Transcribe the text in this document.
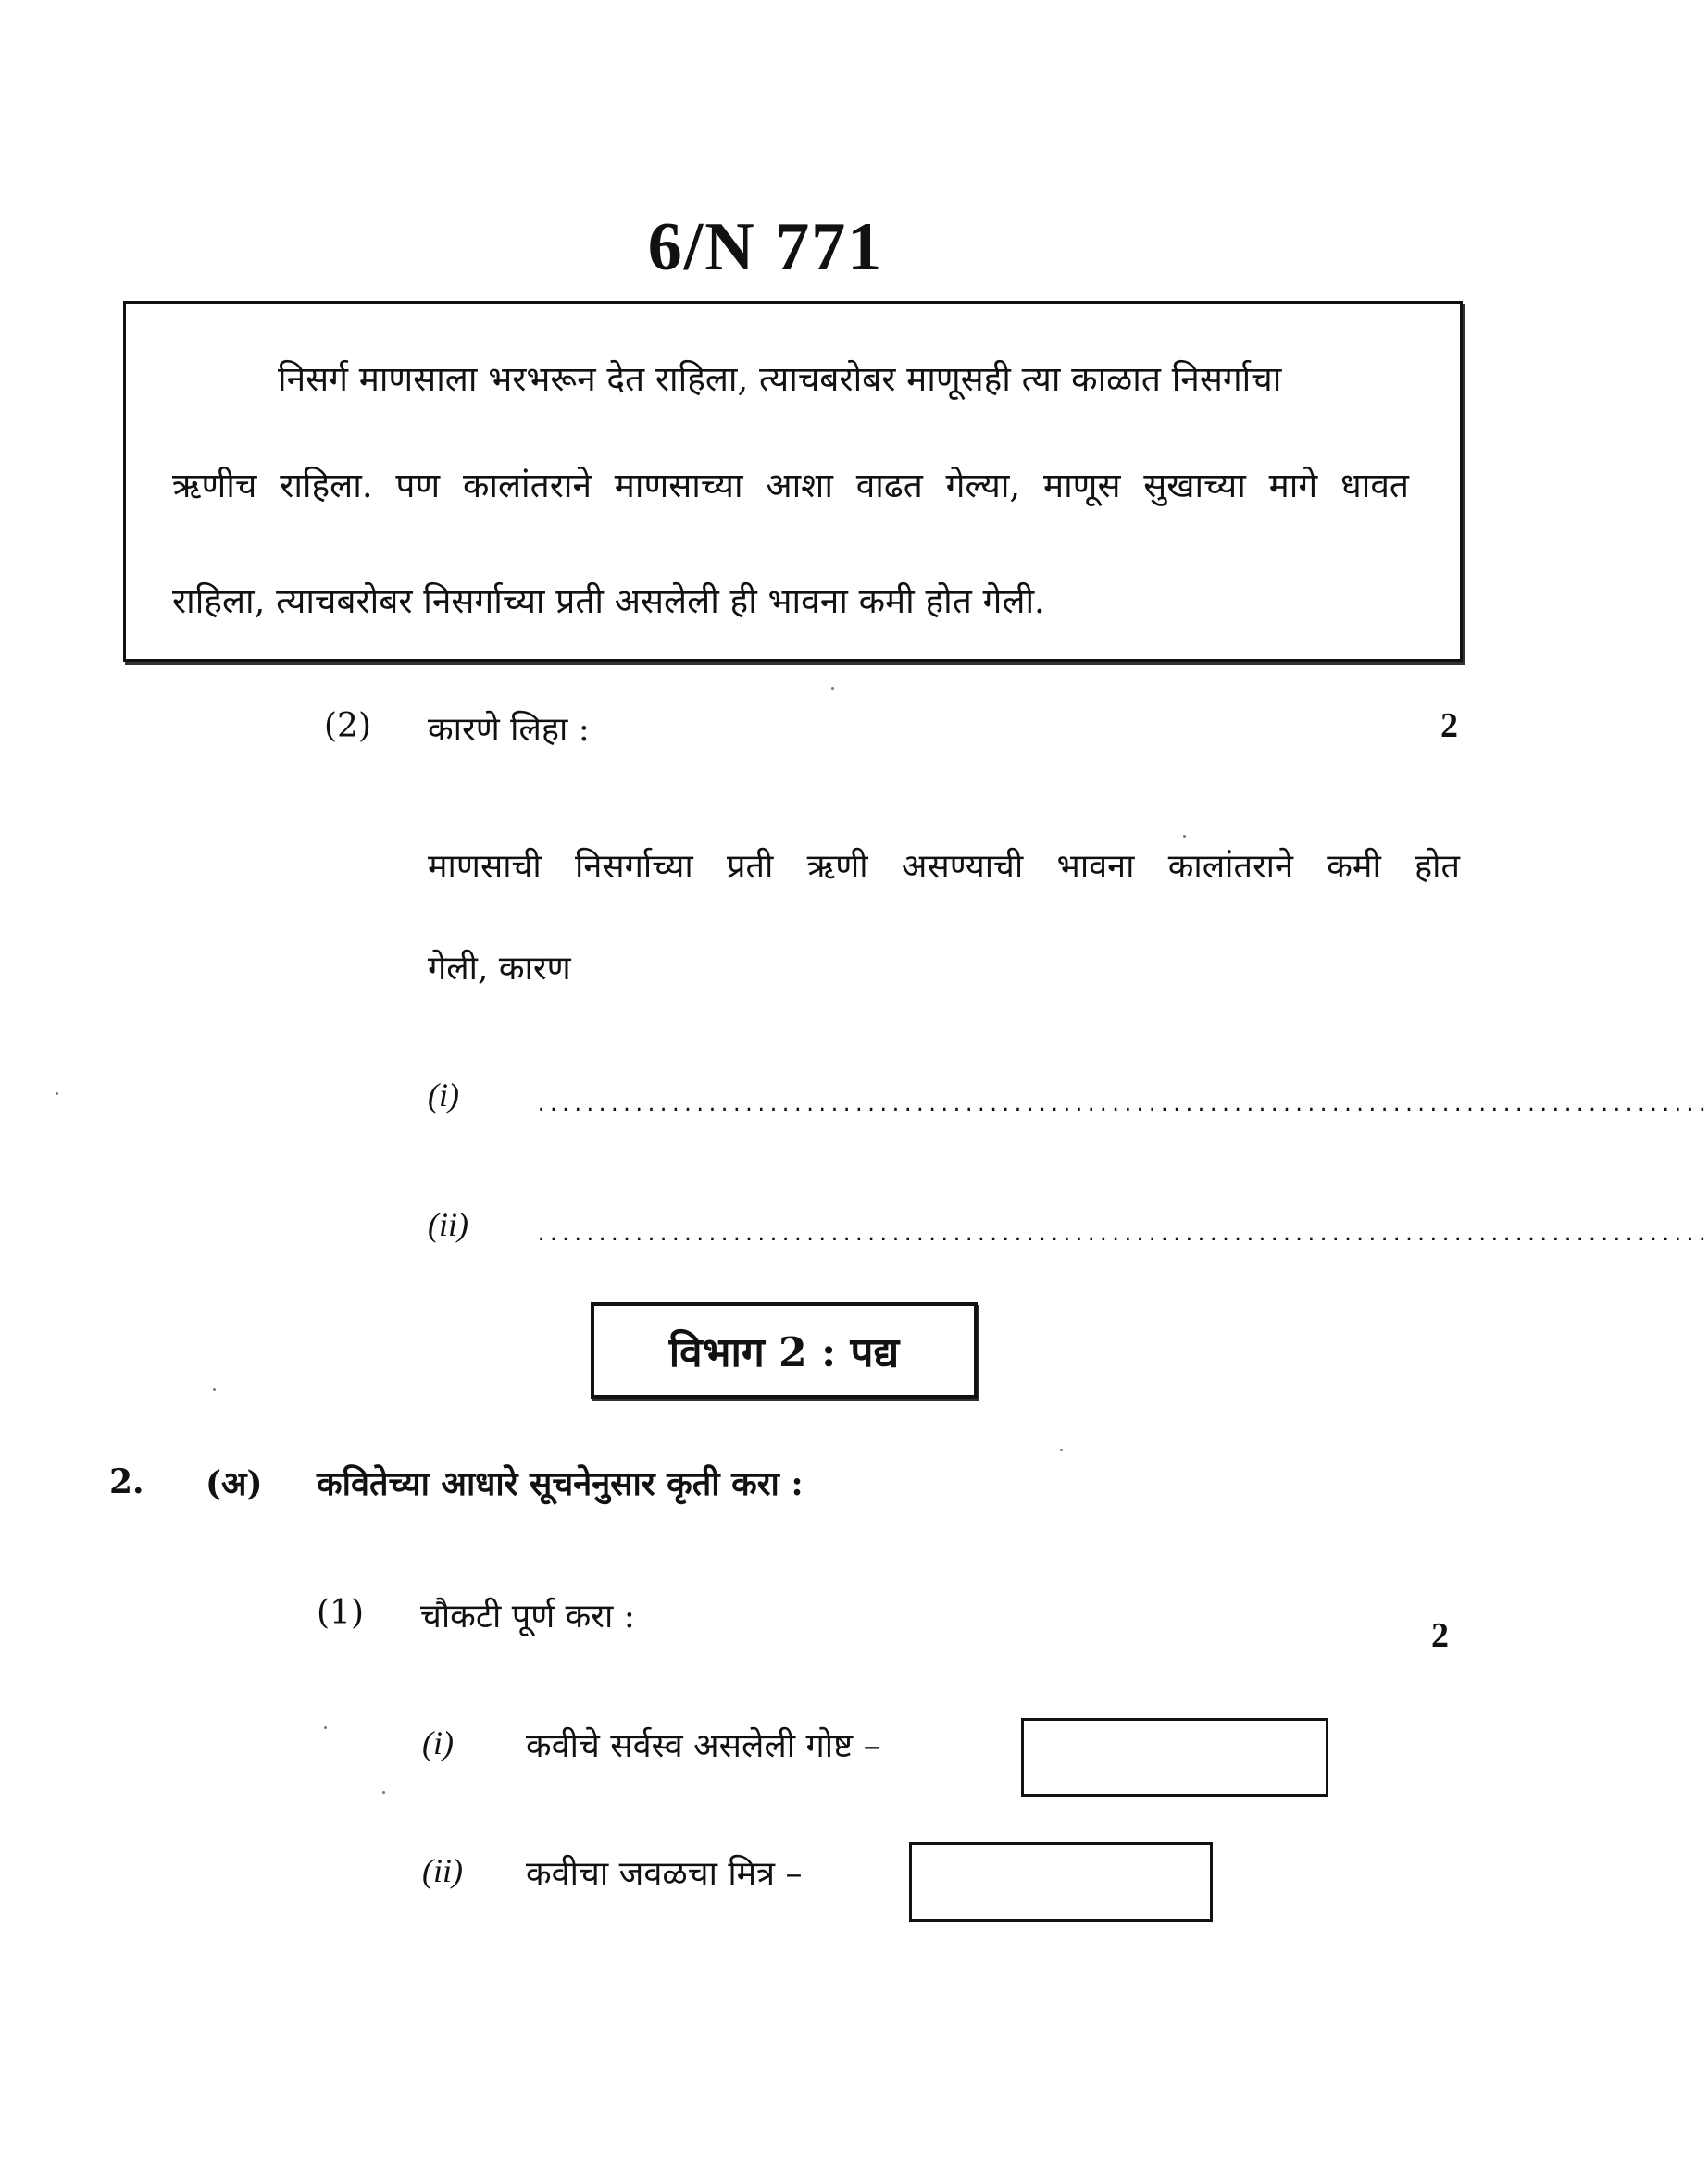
6/N 771
निसर्ग माणसाला भरभरून देत राहिला, त्याचबरोबर माणूसही त्या काळात निसर्गाचा
ऋणीच राहिला. पण कालांतराने माणसाच्या आशा वाढत गेल्या, माणूस सुखाच्या मागे धावत
राहिला, त्याचबरोबर निसर्गाच्या प्रती असलेली ही भावना कमी होत गेली.
(2) कारणे लिहा :	2
माणसाची निसर्गाच्या प्रती ऋणी असण्याची भावना कालांतराने कमी होत
गेली, कारण
(i)	................................................................................................
(ii)	................................................................................................
विभाग 2 : पद्य
2. (अ) कवितेच्या आधारे सूचनेनुसार कृती करा :
(1) चौकटी पूर्ण करा :	2
(i) कवीचे सर्वस्व असलेली गोष्ट –
(ii) कवीचा जवळचा मित्र –
